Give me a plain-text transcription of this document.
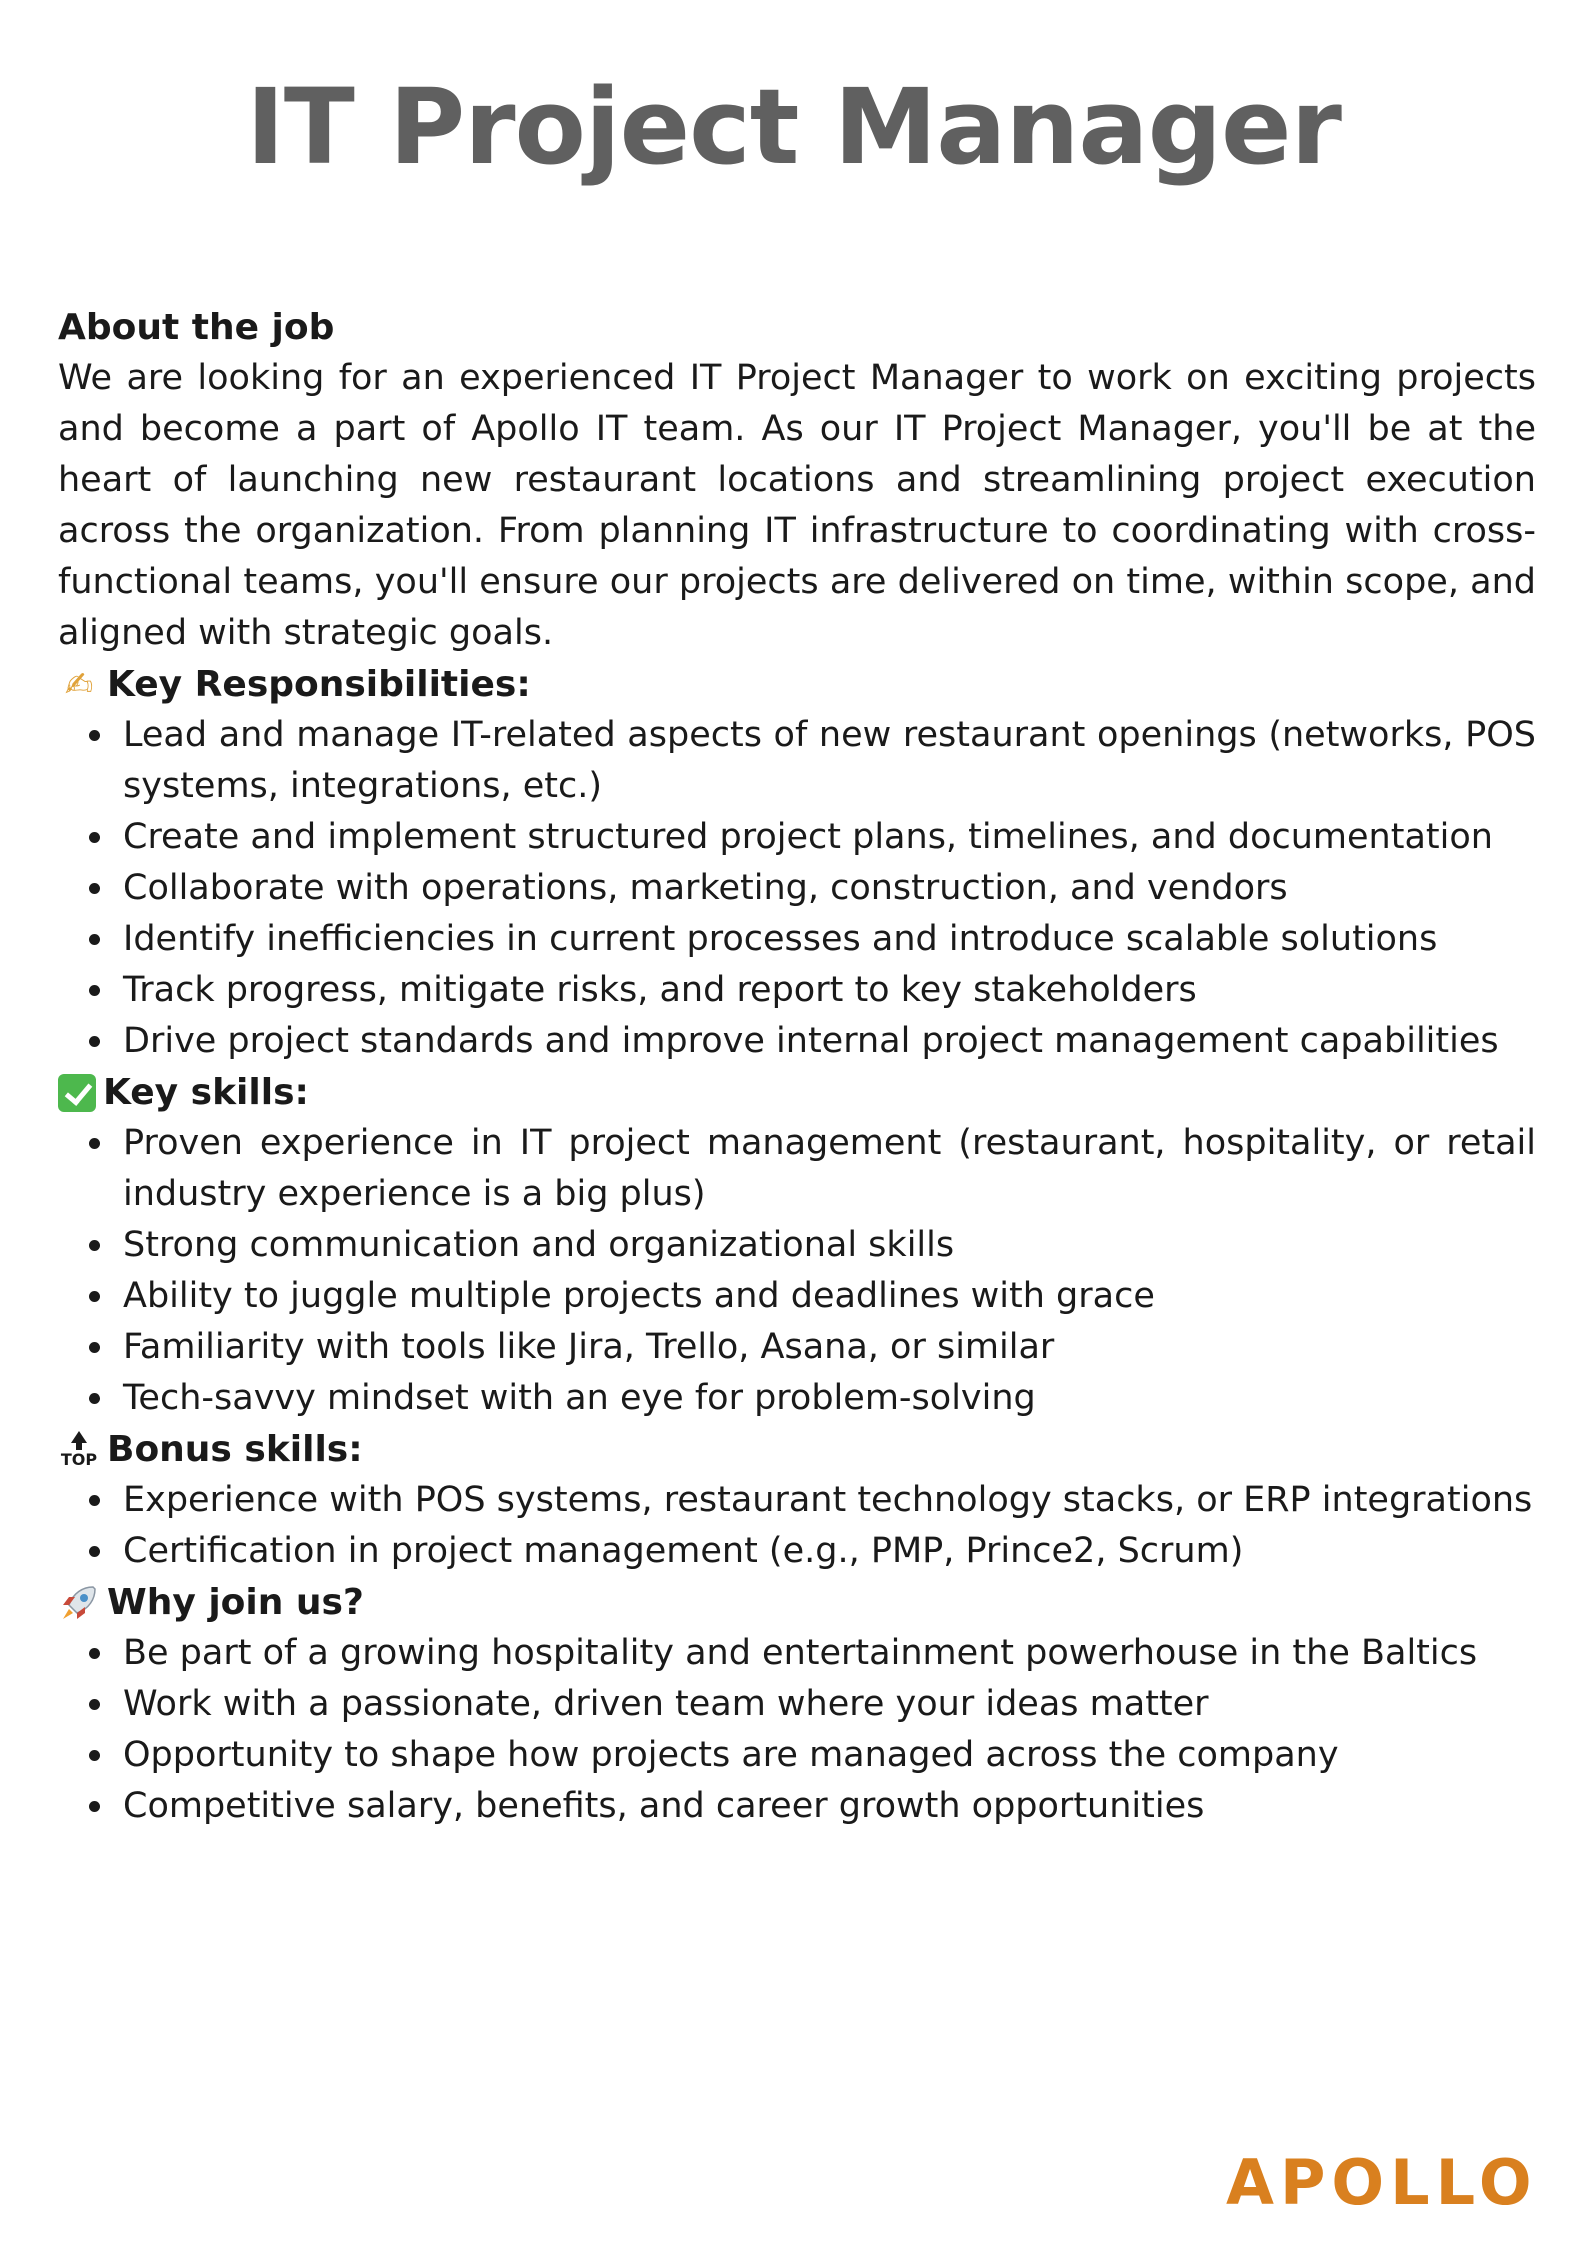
IT Project Manager
About the job

We are looking for an experienced IT Project Manager to work on exciting projects and become a part of Apollo IT team. As our IT Project Manager, you'll be at the heart of launching new restaurant locations and streamlining project execution across the organization. From planning IT infrastructure to coordinating with cross-functional teams, you'll ensure our projects are delivered on time, within scope, and aligned with strategic goals.

✍ Key Responsibilities:
Lead and manage IT-related aspects of new restaurant openings (networks, POS systems, integrations, etc.)
Create and implement structured project plans, timelines, and documentation
Collaborate with operations, marketing, construction, and vendors
Identify inefficiencies in current processes and introduce scalable solutions
Track progress, mitigate risks, and report to key stakeholders
Drive project standards and improve internal project management capabilities
Key skills:
Proven experience in IT project management (restaurant, hospitality, or retail industry experience is a big plus)
Strong communication and organizational skills
Ability to juggle multiple projects and deadlines with grace
Familiarity with tools like Jira, Trello, Asana, or similar
Tech-savvy mindset with an eye for problem-solving
TOP Bonus skills:
Experience with POS systems, restaurant technology stacks, or ERP integrations
Certification in project management (e.g., PMP, Prince2, Scrum)
Why join us?
Be part of a growing hospitality and entertainment powerhouse in the Baltics
Work with a passionate, driven team where your ideas matter
Opportunity to shape how projects are managed across the company
Competitive salary, benefits, and career growth opportunities
APOLLO
